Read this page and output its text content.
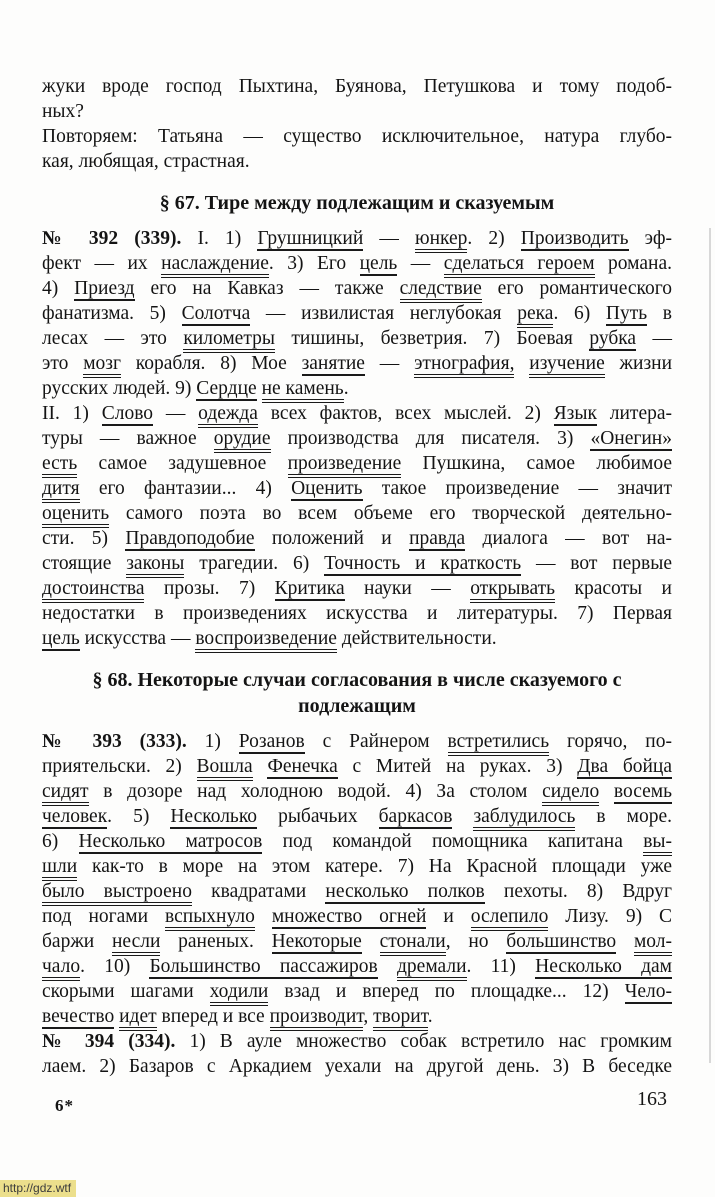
жуки вроде господ Пыхтина, Буянова, Петушкова и тому подоб-
ных?
Повторяем: Татьяна — существо исключительное, натура глубо-
кая, любящая, страстная.
§ 67. Тире между подлежащим и сказуемым
№ 392 (339). I. 1) Грушницкий — юнкер. 2) Производить эф-
фект — их наслаждение. 3) Его цель — сделаться героем романа.
4) Приезд его на Кавказ — также следствие его романтического
фанатизма. 5) Солотча — извилистая неглубокая река. 6) Путь в
лесах — это километры тишины, безветрия. 7) Боевая рубка —
это мозг корабля. 8) Мое занятие — этнография, изучение жизни
русских людей. 9) Сердце не камень.
II. 1) Слово — одежда всех фактов, всех мыслей. 2) Язык литера-
туры — важное орудие производства для писателя. 3) «Онегин»
есть самое задушевное произведение Пушкина, самое любимое
дитя его фантазии... 4) Оценить такое произведение — значит
оценить самого поэта во всем объеме его творческой деятельно-
сти. 5) Правдоподобие положений и правда диалога — вот на-
стоящие законы трагедии. 6) Точность и краткость — вот первые
достоинства прозы. 7) Критика науки — открывать красоты и
недостатки в произведениях искусства и литературы. 7) Первая
цель искусства — воспроизведение действительности.
§ 68. Некоторые случаи согласования в числе сказуемого с
подлежащим
№ 393 (333). 1) Розанов с Райнером встретились горячо, по-
приятельски. 2) Вошла Фенечка с Митей на руках. 3) Два бойца
сидят в дозоре над холодною водой. 4) За столом сидело восемь
человек. 5) Несколько рыбачьих баркасов заблудилось в море.
6) Несколько матросов под командой помощника капитана вы-
шли как-то в море на этом катере. 7) На Красной площади уже
было выстроено квадратами несколько полков пехоты. 8) Вдруг
под ногами вспыхнуло множество огней и ослепило Лизу. 9) С
баржи несли раненых. Некоторые стонали, но большинство мол-
чало. 10) Большинство пассажиров дремали. 11) Несколько дам
скорыми шагами ходили взад и вперед по площадке... 12) Чело-
вечество идет вперед и все производит, творит.
№ 394 (334). 1) В ауле множество собак встретило нас громким
лаем. 2) Базаров с Аркадием уехали на другой день. 3) В беседке
6*	163
http://gdz.wtf
